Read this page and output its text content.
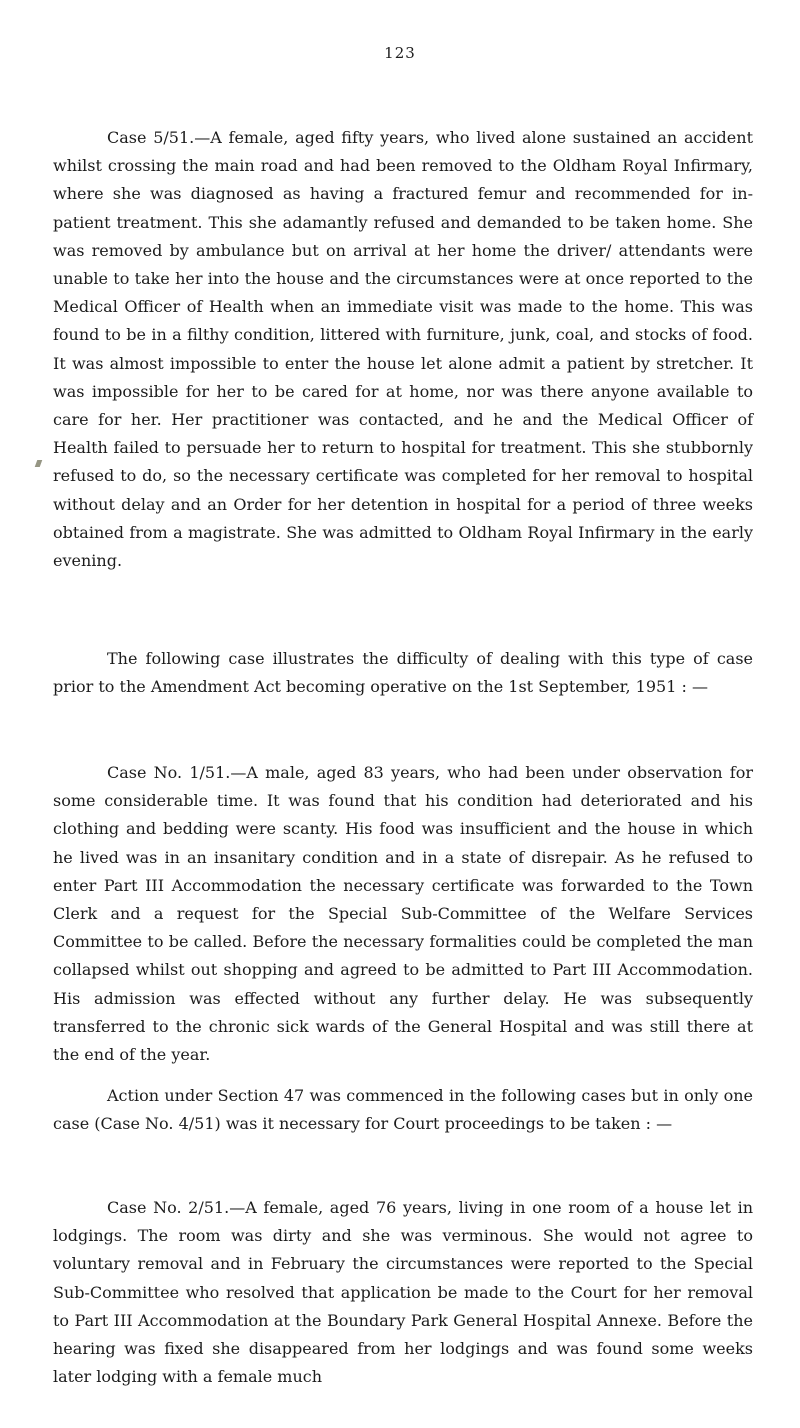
123

Case 5/51.—A female, aged fifty years, who lived alone sustained an accident whilst crossing the main road and had been removed to the Oldham Royal Infirmary, where she was diagnosed as having a fractured femur and recommended for in-patient treatment. This she adamantly refused and demanded to be taken home. She was removed by ambulance but on arrival at her home the driver/ attendants were unable to take her into the house and the circumstances were at once reported to the Medical Officer of Health when an immediate visit was made to the home. This was found to be in a filthy condition, littered with furniture, junk, coal, and stocks of food. It was almost impossible to enter the house let alone admit a patient by stretcher. It was impossible for her to be cared for at home, nor was there anyone available to care for her. Her practitioner was contacted, and he and the Medical Officer of Health failed to persuade her to return to hospital for treatment. This she stubbornly refused to do, so the necessary certificate was completed for her removal to hospital without delay and an Order for her detention in hospital for a period of three weeks obtained from a magistrate. She was admitted to Oldham Royal Infirmary in the early evening.

The following case illustrates the difficulty of dealing with this type of case prior to the Amendment Act becoming operative on the 1st September, 1951 : —

Case No. 1/51.—A male, aged 83 years, who had been under observation for some considerable time. It was found that his condition had deteriorated and his clothing and bedding were scanty. His food was insufficient and the house in which he lived was in an insanitary condition and in a state of disrepair. As he refused to enter Part III Accommodation the necessary certificate was forwarded to the Town Clerk and a request for the Special Sub-Committee of the Welfare Services Committee to be called. Before the necessary formalities could be completed the man collapsed whilst out shopping and agreed to be admitted to Part III Accommodation. His admission was effected without any further delay. He was subsequently transferred to the chronic sick wards of the General Hospital and was still there at the end of the year.

Action under Section 47 was commenced in the following cases but in only one case (Case No. 4/51) was it necessary for Court proceedings to be taken : —

Case No. 2/51.—A female, aged 76 years, living in one room of a house let in lodgings. The room was dirty and she was verminous. She would not agree to voluntary removal and in February the circumstances were reported to the Special Sub-Committee who resolved that application be made to the Court for her removal to Part III Accommodation at the Boundary Park General Hospital Annexe. Before the hearing was fixed she disappeared from her lodgings and was found some weeks later lodging with a female much
